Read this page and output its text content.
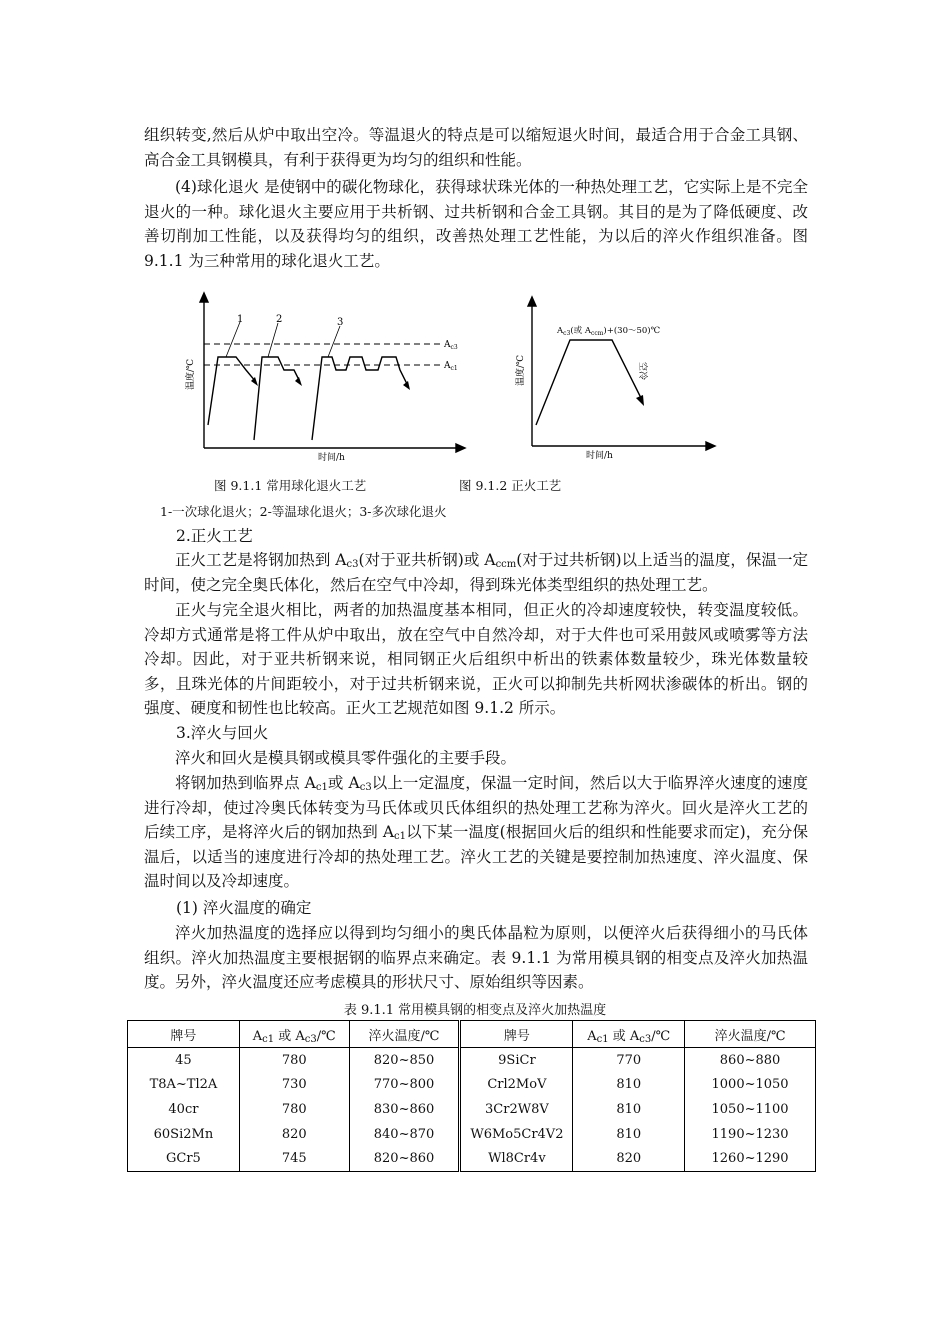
组织转变,然后从炉中取出空冷。等温退火的特点是可以缩短退火时间，最适合用于合金工具钢、高合金工具钢模具，有利于获得更为均匀的组织和性能。

(4)球化退火 是使钢中的碳化物球化，获得球状珠光体的一种热处理工艺，它实际上是不完全退火的一种。球化退火主要应用于共析钢、过共析钢和合金工具钢。其目的是为了降低硬度、改善切削加工性能，以及获得均匀的组织，改善热处理工艺性能，为以后的淬火作组织准备。图 9.1.1 为三种常用的球化退火工艺。

1	2	3
$A_{c3}$
$A_{c1}$
温度/℃
时间/h
$A_{c3}$(或 $A_{ccm})+(30\sim 50)℃$
空冷
温度/℃
时间/h
图 9.1.1 常用球化退火工艺	图 9.1.2 正火工艺
1-一次球化退火；2-等温球化退火；3-多次球化退火
2.正火工艺

正火工艺是将钢加热到 $A_{c3}$(对于亚共析钢)或 $A_{ccm}$(对于过共析钢)以上适当的温度，保温一定时间，使之完全奥氏体化，然后在空气中冷却，得到珠光体类型组织的热处理工艺。

正火与完全退火相比，两者的加热温度基本相同，但正火的冷却速度较快，转变温度较低。冷却方式通常是将工件从炉中取出，放在空气中自然冷却，对于大件也可采用鼓风或喷雾等方法冷却。因此，对于亚共析钢来说，相同钢正火后组织中析出的铁素体数量较少，珠光体数量较多，且珠光体的片间距较小，对于过共析钢来说，正火可以抑制先共析网状渗碳体的析出。钢的强度、硬度和韧性也比较高。正火工艺规范如图 9.1.2 所示。

3.淬火与回火

淬火和回火是模具钢或模具零件强化的主要手段。

将钢加热到临界点 $A_{c1}$或 $A_{c3}$以上一定温度，保温一定时间，然后以大于临界淬火速度的速度进行冷却，使过冷奥氏体转变为马氏体或贝氏体组织的热处理工艺称为淬火。回火是淬火工艺的后续工序，是将淬火后的钢加热到 $A_{c1}$以下某一温度(根据回火后的组织和性能要求而定)，充分保温后，以适当的速度进行冷却的热处理工艺。淬火工艺的关键是要控制加热速度、淬火温度、保温时间以及冷却速度。

(1) 淬火温度的确定

淬火加热温度的选择应以得到均匀细小的奥氏体晶粒为原则，以便淬火后获得细小的马氏体组织。淬火加热温度主要根据钢的临界点来确定。表 9.1.1 为常用模具钢的相变点及淬火加热温度。另外，淬火温度还应考虑模具的形状尺寸、原始组织等因素。

表 9.1.1 常用模具钢的相变点及淬火加热温度
牌号	$A_{c1}$ 或 $A_{c3}/℃$	淬火温度/℃	牌号	$A_{c1}$ 或 $A_{c3}/℃$	淬火温度/℃
45	780	820~850	9SiCr	770	860~880
T8A~Tl2A	730	770~800	Crl2MoV	810	1000~1050
40cr	780	830~860	3Cr2W8V	810	1050~1100
60Si2Mn	820	840~870	W6Mo5Cr4V2	810	1190~1230
GCr5	745	820~860	Wl8Cr4v	820	1260~1290
